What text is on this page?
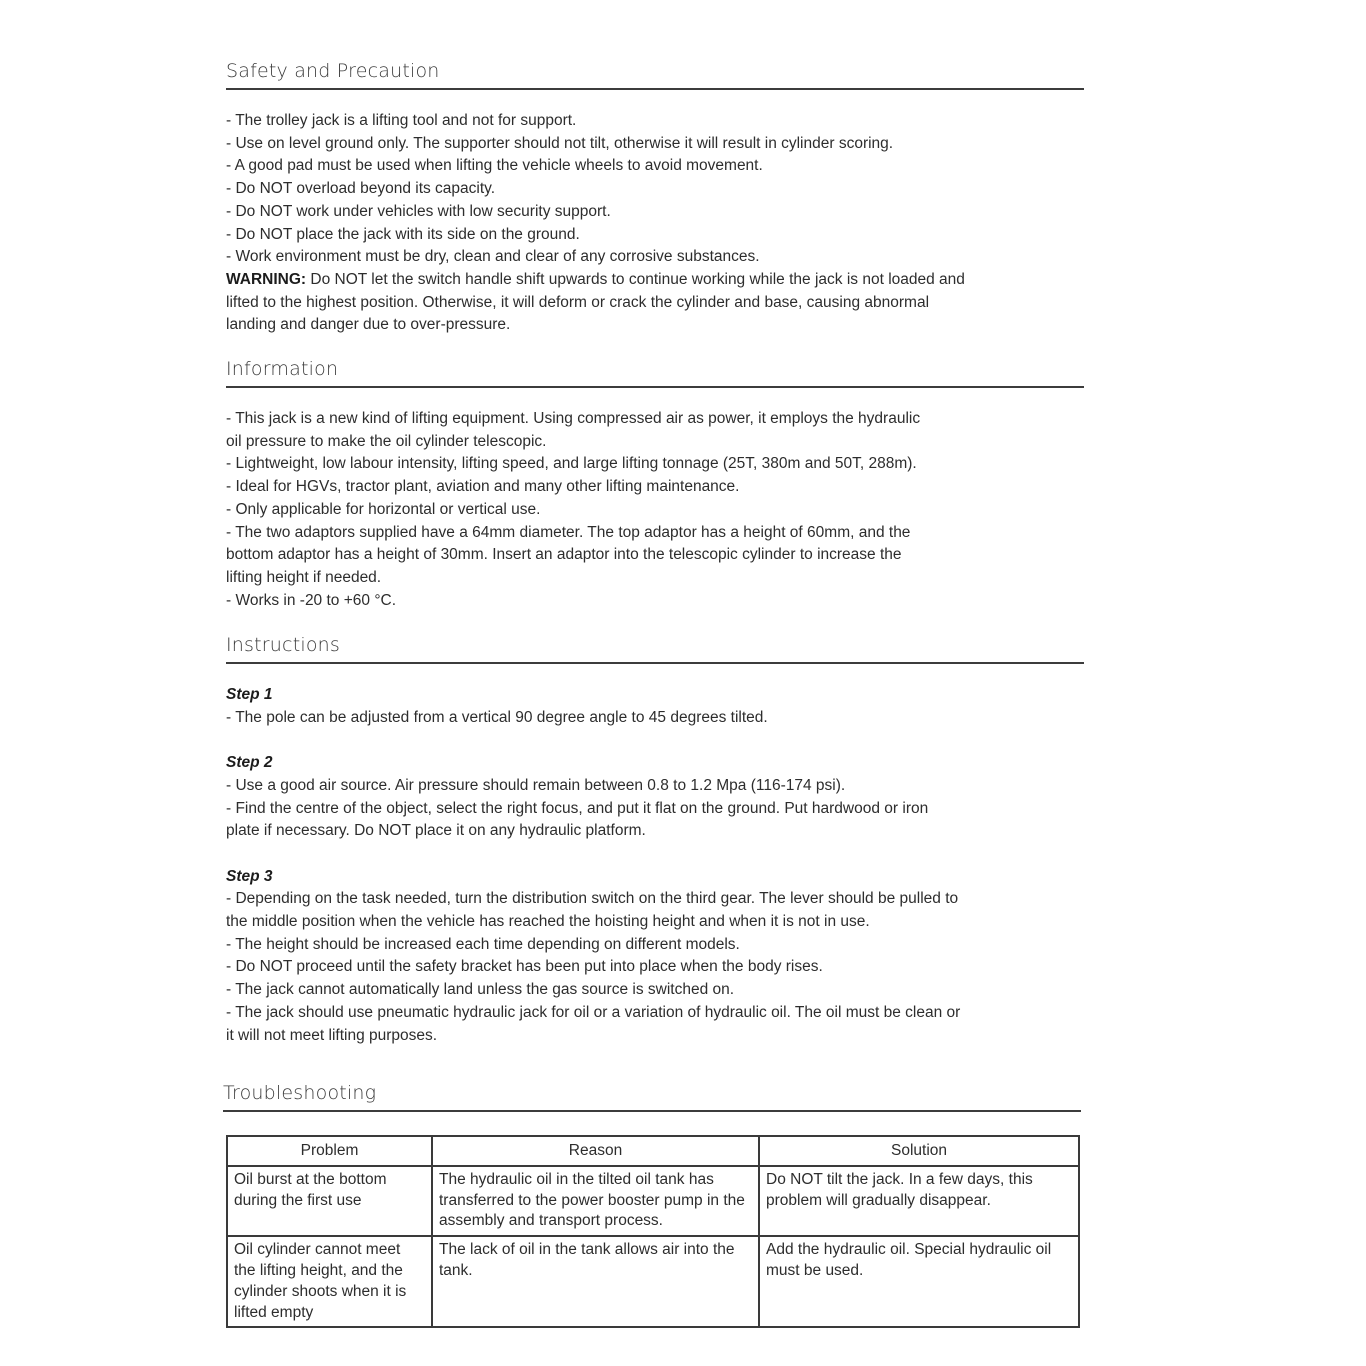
Safety and Precaution
- The trolley jack is a lifting tool and not for support.
- Use on level ground only. The supporter should not tilt, otherwise it will result in cylinder scoring.
- A good pad must be used when lifting the vehicle wheels to avoid movement.
- Do NOT overload beyond its capacity.
- Do NOT work under vehicles with low security support.
- Do NOT place the jack with its side on the ground.
- Work environment must be dry, clean and clear of any corrosive substances.
WARNING: Do NOT let the switch handle shift upwards to continue working while the jack is not loaded and
lifted to the highest position. Otherwise, it will deform or crack the cylinder and base, causing abnormal
landing and danger due to over-pressure.
Information
- This jack is a new kind of lifting equipment. Using compressed air as power, it employs the hydraulic
oil pressure to make the oil cylinder telescopic.
- Lightweight, low labour intensity, lifting speed, and large lifting tonnage (25T, 380m and 50T, 288m).
- Ideal for HGVs, tractor plant, aviation and many other lifting maintenance.
- Only applicable for horizontal or vertical use.
- The two adaptors supplied have a 64mm diameter. The top adaptor has a height of 60mm, and the
bottom adaptor has a height of 30mm. Insert an adaptor into the telescopic cylinder to increase the
lifting height if needed.
- Works in -20 to +60 °C.
Instructions
Step 1
- The pole can be adjusted from a vertical 90 degree angle to 45 degrees tilted.
Step 2
- Use a good air source. Air pressure should remain between 0.8 to 1.2 Mpa (116-174 psi).
- Find the centre of the object, select the right focus, and put it flat on the ground. Put hardwood or iron
plate if necessary. Do NOT place it on any hydraulic platform.
Step 3
- Depending on the task needed, turn the distribution switch on the third gear. The lever should be pulled to
the middle position when the vehicle has reached the hoisting height and when it is not in use.
- The height should be increased each time depending on different models.
- Do NOT proceed until the safety bracket has been put into place when the body rises.
- The jack cannot automatically land unless the gas source is switched on.
- The jack should use pneumatic hydraulic jack for oil or a variation of hydraulic oil. The oil must be clean or
it will not meet lifting purposes.
Troubleshooting
Problem	Reason	Solution
Oil burst at the bottom during the first use	The hydraulic oil in the tilted oil tank has transferred to the power booster pump in the assembly and transport process.	Do NOT tilt the jack. In a few days, this problem will gradually disappear.
Oil cylinder cannot meet the lifting height, and the cylinder shoots when it is lifted empty	The lack of oil in the tank allows air into the tank.	Add the hydraulic oil. Special hydraulic oil must be used.
